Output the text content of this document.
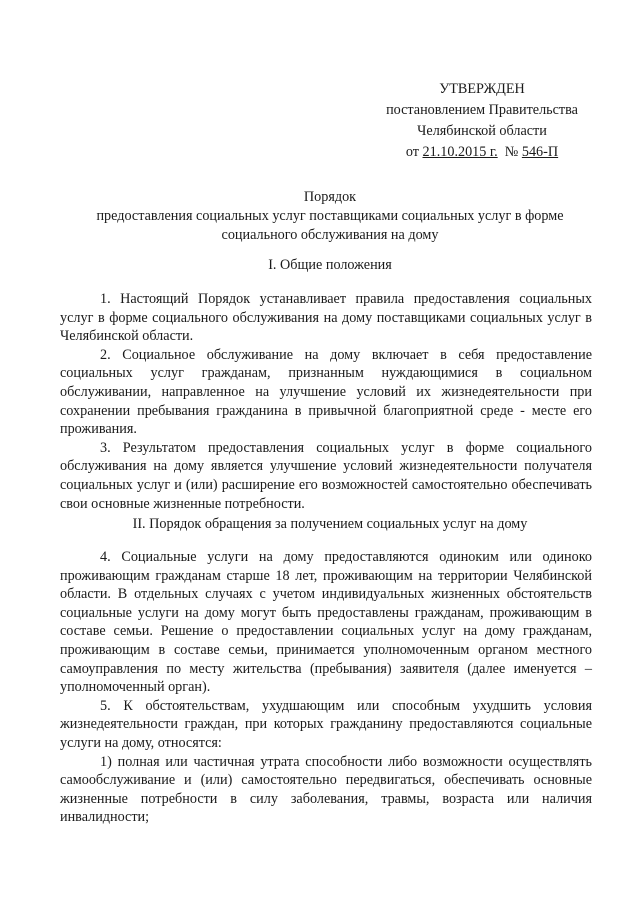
УТВЕРЖДЕН
постановлением Правительства
Челябинской области
от 21.10.2015 г. № 546-П
Порядок
предоставления социальных услуг поставщиками социальных услуг в форме социального обслуживания на дому
I. Общие положения

1. Настоящий Порядок устанавливает правила предоставления социальных услуг в форме социального обслуживания на дому поставщиками социальных услуг в Челябинской области.

2. Социальное обслуживание на дому включает в себя предоставление социальных услуг гражданам, признанным нуждающимися в социальном обслуживании, направленное на улучшение условий их жизнедеятельности при сохранении пребывания гражданина в привычной благоприятной среде - месте его проживания.

3. Результатом предоставления социальных услуг в форме социального обслуживания на дому является улучшение условий жизнедеятельности получателя социальных услуг и (или) расширение его возможностей самостоятельно обеспечивать свои основные жизненные потребности.

II. Порядок обращения за получением социальных услуг на дому

4. Социальные услуги на дому предоставляются одиноким или одиноко проживающим гражданам старше 18 лет, проживающим на территории Челябинской области. В отдельных случаях с учетом индивидуальных жизненных обстоятельств социальные услуги на дому могут быть предоставлены гражданам, проживающим в составе семьи. Решение о предоставлении социальных услуг на дому гражданам, проживающим в составе семьи, принимается уполномоченным органом местного самоуправления по месту жительства (пребывания) заявителя (далее именуется – уполномоченный орган).

5. К обстоятельствам, ухудшающим или способным ухудшить условия жизнедеятельности граждан, при которых гражданину предоставляются социальные услуги на дому, относятся:

1) полная или частичная утрата способности либо возможности осуществлять самообслуживание и (или) самостоятельно передвигаться, обеспечивать основные жизненные потребности в силу заболевания, травмы, возраста или наличия инвалидности;
